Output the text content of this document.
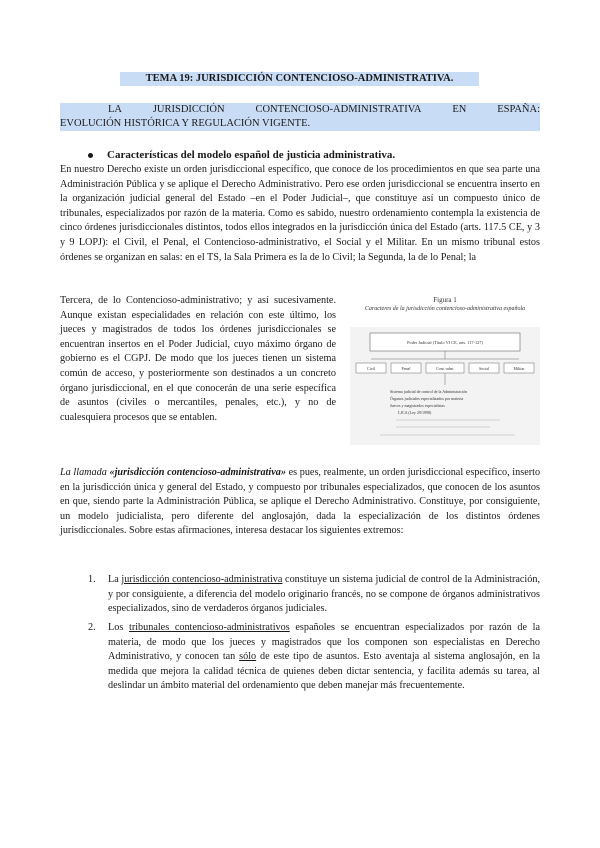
TEMA 19: JURISDICCIÓN CONTENCIOSO-ADMINISTRATIVA.
LA	JURISDICCIÓN	CONTENCIOSO-ADMINISTRATIVA	EN	ESPAÑA:
EVOLUCIÓN HISTÓRICA Y REGULACIÓN VIGENTE.
Características del modelo español de justicia administrativa.
En nuestro Derecho existe un orden jurisdiccional específico, que conoce de los procedimientos en que sea parte una Administración Pública y se aplique el Derecho Administrativo. Pero ese orden jurisdiccional se encuentra inserto en la organización judicial general del Estado –en el Poder Judicial–, que constituye así un compuesto único de tribunales, especializados por razón de la materia. Como es sabido, nuestro ordenamiento contempla la existencia de cinco órdenes jurisdiccionales distintos, todos ellos integrados en la jurisdicción única del Estado (arts. 117.5 CE, y 3 y 9 LOPJ): el Civil, el Penal, el Contencioso-administrativo, el Social y el Militar. En un mismo tribunal estos órdenes se organizan en salas: en el TS, la Sala Primera es la de lo Civil; la Segunda, la de lo Penal; la
Tercera, de lo Contencioso-administrativo; y así sucesivamente. Aunque existan especialidades en relación con este último, los jueces y magistrados de todos los órdenes jurisdiccionales se encuentran insertos en el Poder Judicial, cuyo máximo órgano de gobierno es el CGPJ. De modo que los jueces tienen un sistema común de acceso, y posteriormente son destinados a un concreto órgano jurisdiccional, en el que conocerán de una serie específica de asuntos (civiles o mercantiles, penales, etc.), y no de cualesquiera procesos que se entablen.
Figura 1
Caracteres de la jurisdicción contencioso-administrativa española
Poder Judicial (Título VI CE, arts. 117-127)
Civil	Penal	Cont.-adm.	Social	Militar
Sistema judicial de control de la Administración
Órganos judiciales especializados por materia
Jueces y magistrados especialistas
LJCA (Ley 29/1998)
La llamada «jurisdicción contencioso-administrativa» es pues, realmente, un orden jurisdiccional específico, inserto en la jurisdicción única y general del Estado, y compuesto por tribunales especializados, que conocen de los asuntos en que, siendo parte la Administración Pública, se aplique el Derecho Administrativo. Constituye, por consiguiente, un modelo judicialista, pero diferente del anglosajón, dada la especialización de los distintos órdenes jurisdiccionales. Sobre estas afirmaciones, interesa destacar los siguientes extremos:
1. La jurisdicción contencioso-administrativa constituye un sistema judicial de control de la Administración, y por consiguiente, a diferencia del modelo originario francés, no se compone de órganos administrativos especializados, sino de verdaderos órganos judiciales.
2. Los tribunales contencioso-administrativos españoles se encuentran especializados por razón de la materia, de modo que los jueces y magistrados que los componen son especialistas en Derecho Administrativo, y conocen tan sólo de este tipo de asuntos. Esto aventaja al sistema anglosajón, en la medida que mejora la calidad técnica de quienes deben dictar sentencia, y facilita además su tarea, al deslindar un ámbito material del ordenamiento que deben manejar más frecuentemente.
